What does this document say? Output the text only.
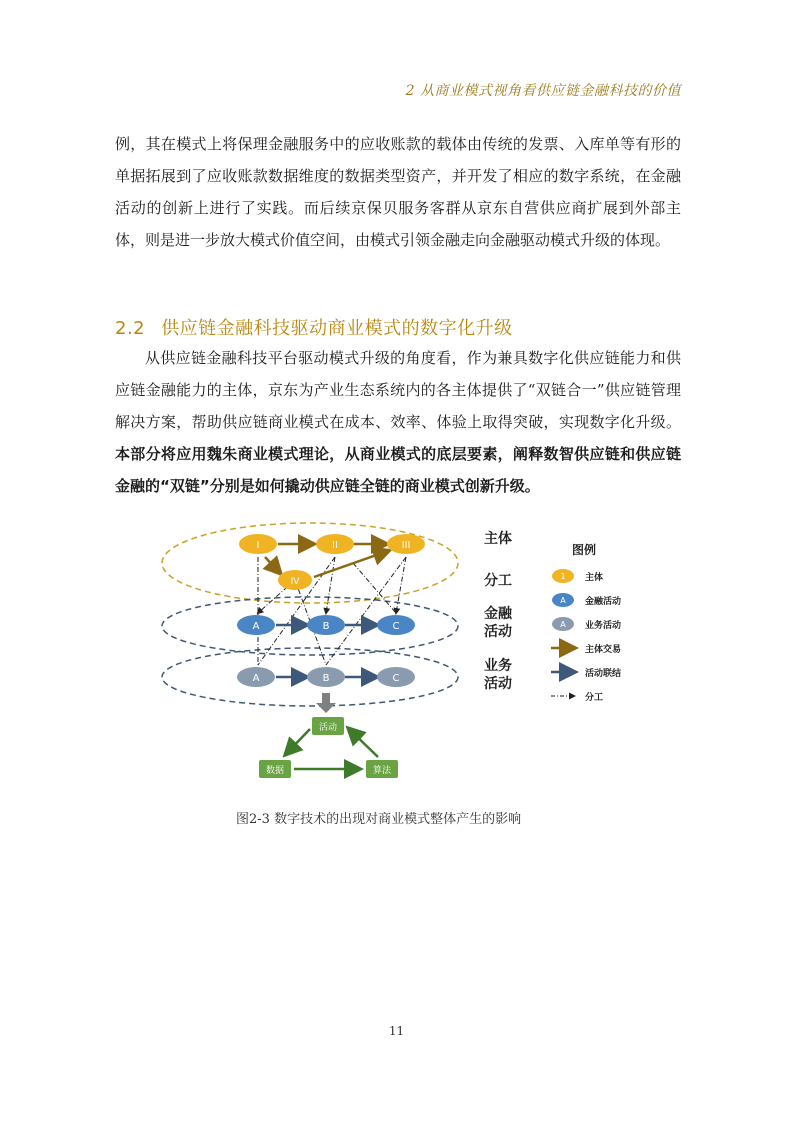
2 从商业模式视角看供应链金融科技的价值

例，其在模式上将保理金融服务中的应收账款的载体由传统的发票、入库单等有形的单据拓展到了应收账款数据维度的数据类型资产，并开发了相应的数字系统，在金融活动的创新上进行了实践。而后续京保贝服务客群从京东自营供应商扩展到外部主体，则是进一步放大模式价值空间，由模式引领金融走向金融驱动模式升级的体现。

2.2 供应链金融科技驱动商业模式的数字化升级

从供应链金融科技平台驱动模式升级的角度看，作为兼具数字化供应链能力和供应链金融能力的主体，京东为产业生态系统内的各主体提供了“双链合一”供应链管理解决方案，帮助供应链商业模式在成本、效率、体验上取得突破，实现数字化升级。本部分将应用魏朱商业模式理论，从商业模式的底层要素，阐释数智供应链和供应链金融的“双链”分别是如何撬动供应链全链的商业模式创新升级。

I	II	III
IV
A	B	C
A	B	C
活动
数据	算法
主体
分工
金融
活动
业务
活动
图例
1 主体
A 金融活动
A 业务活动
主体交易
活动联结
分工
图2-3 数字技术的出现对商业模式整体产生的影响
11
